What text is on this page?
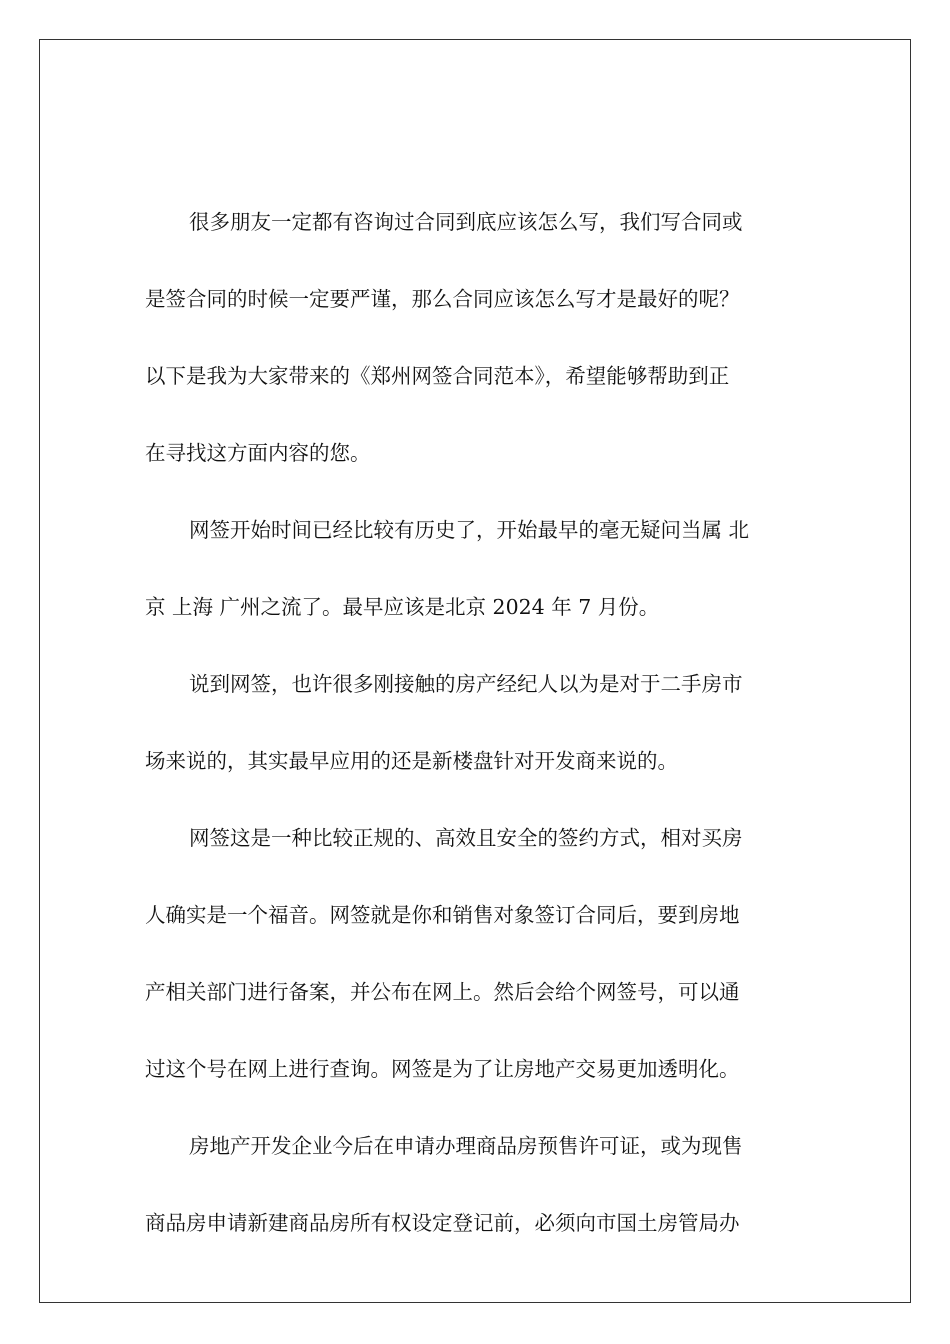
很多朋友一定都有咨询过合同到底应该怎么写，我们写合同或
是签合同的时候一定要严谨，那么合同应该怎么写才是最好的呢？
以下是我为大家带来的《郑州网签合同范本》，希望能够帮助到正
在寻找这方面内容的您。
网签开始时间已经比较有历史了，开始最早的毫无疑问当属 北
京 上海 广州之流了。最早应该是北京 2024 年 7 月份。
说到网签，也许很多刚接触的房产经纪人以为是对于二手房市
场来说的，其实最早应用的还是新楼盘针对开发商来说的。
网签这是一种比较正规的、高效且安全的签约方式，相对买房
人确实是一个福音。网签就是你和销售对象签订合同后，要到房地
产相关部门进行备案，并公布在网上。然后会给个网签号，可以通
过这个号在网上进行查询。网签是为了让房地产交易更加透明化。
房地产开发企业今后在申请办理商品房预售许可证，或为现售
商品房申请新建商品房所有权设定登记前，必须向市国土房管局办
